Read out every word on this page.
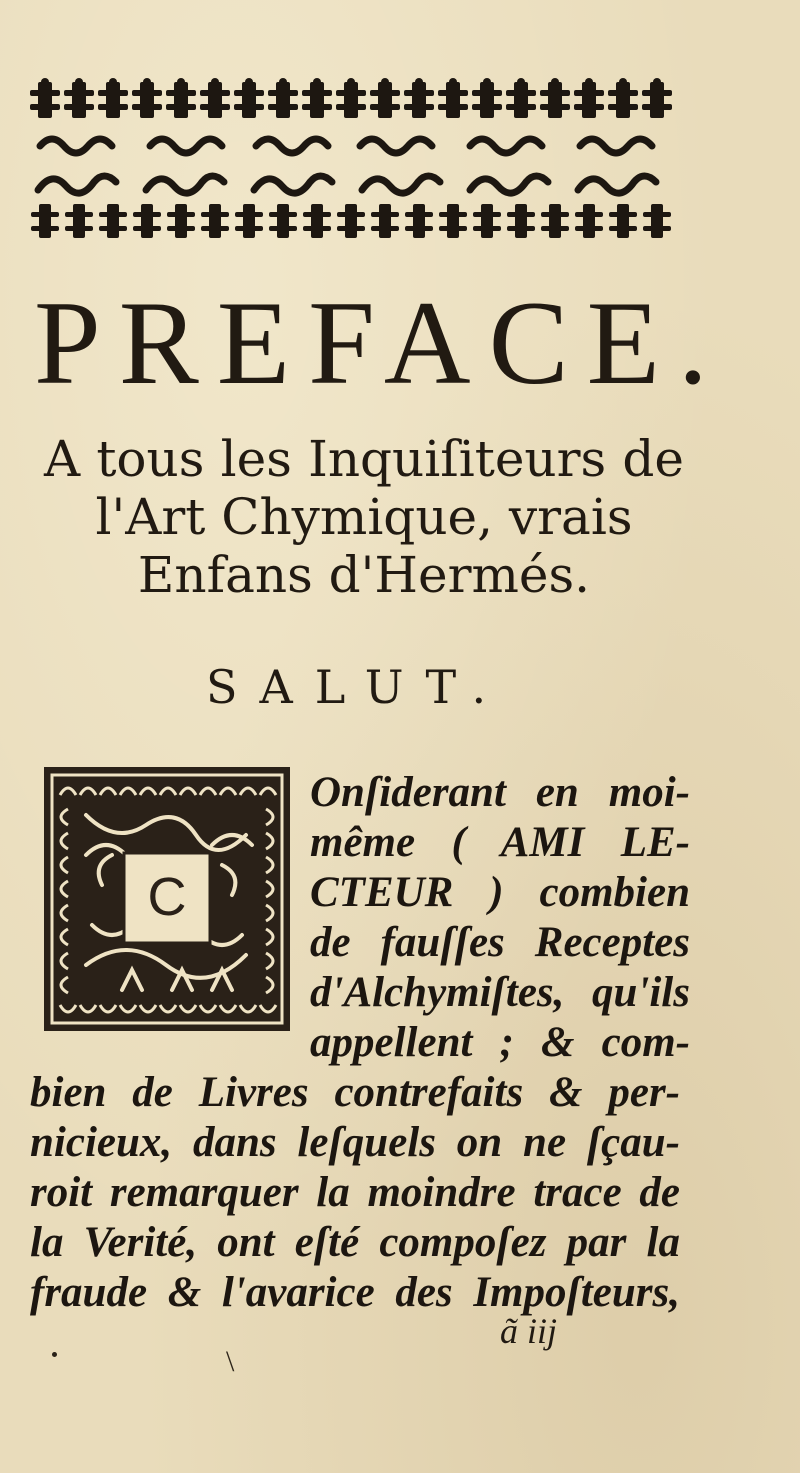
PREFACE.
A tous les Inquiſiteurs de
l'Art Chymique, vrais
Enfans d'Hermés.
SALUT.
C
Onſiderant en moi-
même ( AMI LE-
CTEUR ) combien
de fauſſes Receptes
d'Alchymiſtes, qu'ils
appellent ; & com-
bien de Livres contrefaits & per-
nicieux, dans leſquels on ne ſçau-
roit remarquer la moindre trace de
la Verité, ont eſté compoſez par la
fraude & l'avarice des Impoſteurs,
ã iij
\
